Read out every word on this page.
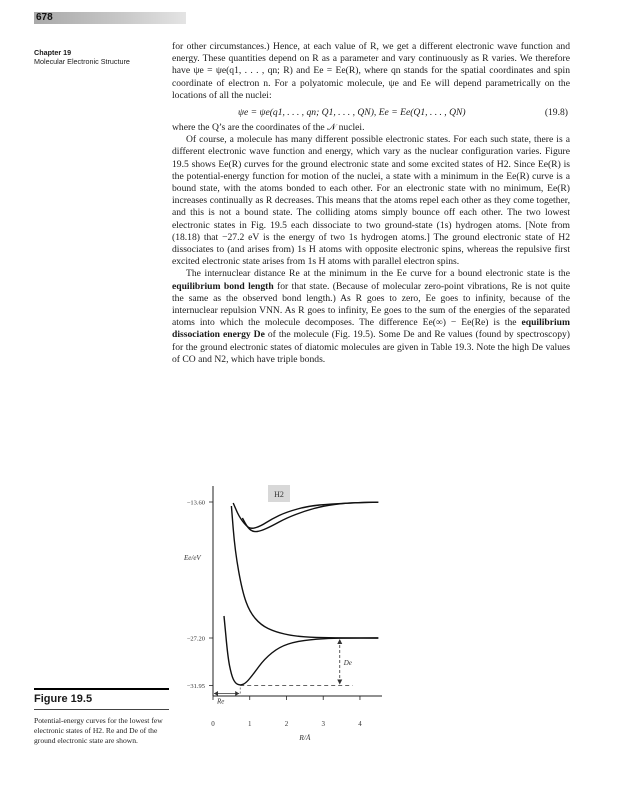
678
Chapter 19
Molecular Electronic Structure

for other circumstances.) Hence, at each value of R, we get a different electronic wave function and energy. These quantities depend on R as a parameter and vary continuously as R varies. We therefore have ψe = ψe(q1, . . . , qn; R) and Ee = Ee(R), where qn stands for the spatial coordinates and spin coordinate of electron n. For a polyatomic molecule, ψe and Ee will depend parametrically on the locations of all the nuclei:

ψe = ψe(q1, . . . , qn; Q1, . . . , QN), Ee = Ee(Q1, . . . , QN)	(19.8)

where the Q’s are the coordinates of the 𝒩 nuclei.

Of course, a molecule has many different possible electronic states. For each such state, there is a different electronic wave function and energy, which vary as the nuclear configuration varies. Figure 19.5 shows Ee(R) curves for the ground electronic state and some excited states of H2. Since Ee(R) is the potential-energy function for motion of the nuclei, a state with a minimum in the Ee(R) curve is a bound state, with the atoms bonded to each other. For an electronic state with no minimum, Ee(R) increases continually as R decreases. This means that the atoms repel each other as they come together, and this is not a bound state. The colliding atoms simply bounce off each other. The two lowest electronic states in Fig. 19.5 each dissociate to two ground-state (1s) hydrogen atoms. [Note from (18.18) that −27.2 eV is the energy of two 1s hydrogen atoms.] The ground electronic state of H2 dissociates to (and arises from) 1s H atoms with opposite electronic spins, whereas the repulsive first excited electronic state arises from 1s H atoms with parallel electron spins.

The internuclear distance Re at the minimum in the Ee curve for a bound electronic state is the equilibrium bond length for that state. (Because of molecular zero-point vibrations, Re is not quite the same as the observed bond length.) As R goes to zero, Ee goes to infinity, because of the internuclear repulsion VNN. As R goes to infinity, Ee goes to the sum of the energies of the separated atoms into which the molecule decomposes. The difference Ee(∞) − Ee(Re) is the equilibrium dissociation energy De of the molecule (Fig. 19.5). Some De and Re values (found by spectroscopy) for the ground electronic states of diatomic molecules are given in Table 19.3. Note the high De values of CO and N2, which have triple bonds.

−13.60
−27.20
−31.95
0	1	2	3	4
Ee/eV
R/Å
H2
De
Re
Figure 19.5
Potential-energy curves for the lowest few electronic states of H2. Re and De of the ground electronic state are shown.
